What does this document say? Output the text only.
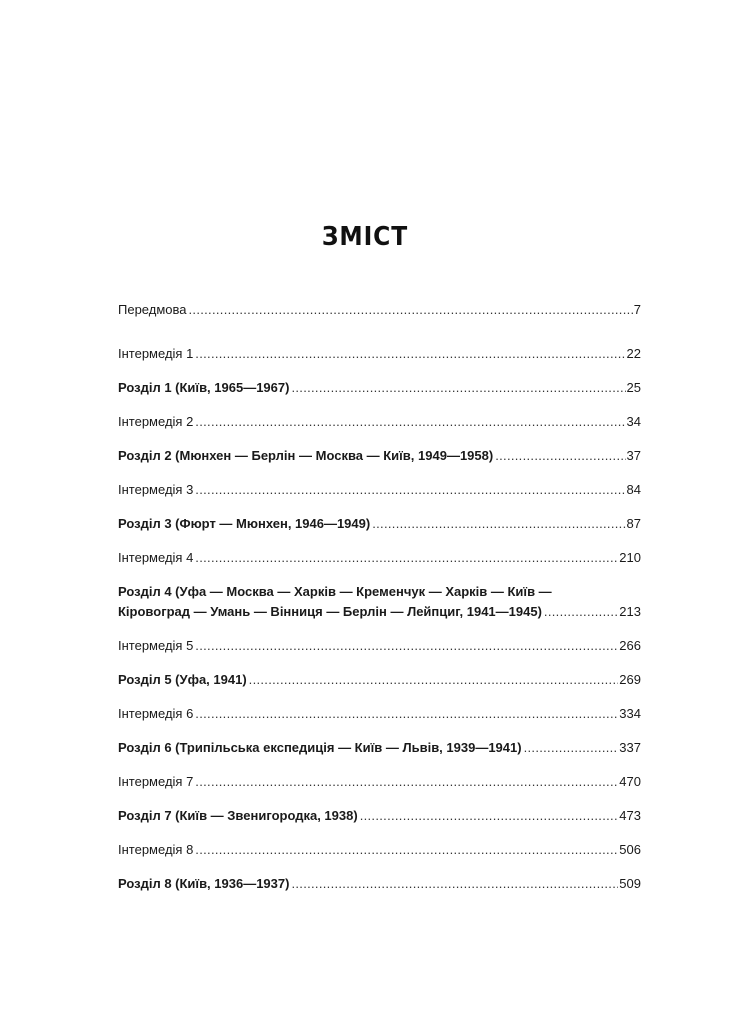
ЗМІСТ
Передмова .....	7
Інтермедія 1 .....	22
Розділ 1 (Київ, 1965—1967) .....	25
Інтермедія 2 .....	34
Розділ 2 (Мюнхен — Берлін — Москва — Київ, 1949—1958) .....	37
Інтермедія 3 .....	84
Розділ 3 (Фюрт — Мюнхен, 1946—1949) .....	87
Інтермедія 4 .....	210
Розділ 4 (Уфа — Москва — Харків — Кременчук — Харків — Київ —
Кіровоград — Умань — Вінниця — Берлін — Лейпциг, 1941—1945) .....	213
Інтермедія 5 .....	266
Розділ 5 (Уфа, 1941) .....	269
Інтермедія 6 .....	334
Розділ 6 (Трипільська експедиція — Київ — Львів, 1939—1941) .....	337
Інтермедія 7 .....	470
Розділ 7 (Київ — Звенигородка, 1938) .....	473
Інтермедія 8 .....	506
Розділ 8 (Київ, 1936—1937) .....	509
